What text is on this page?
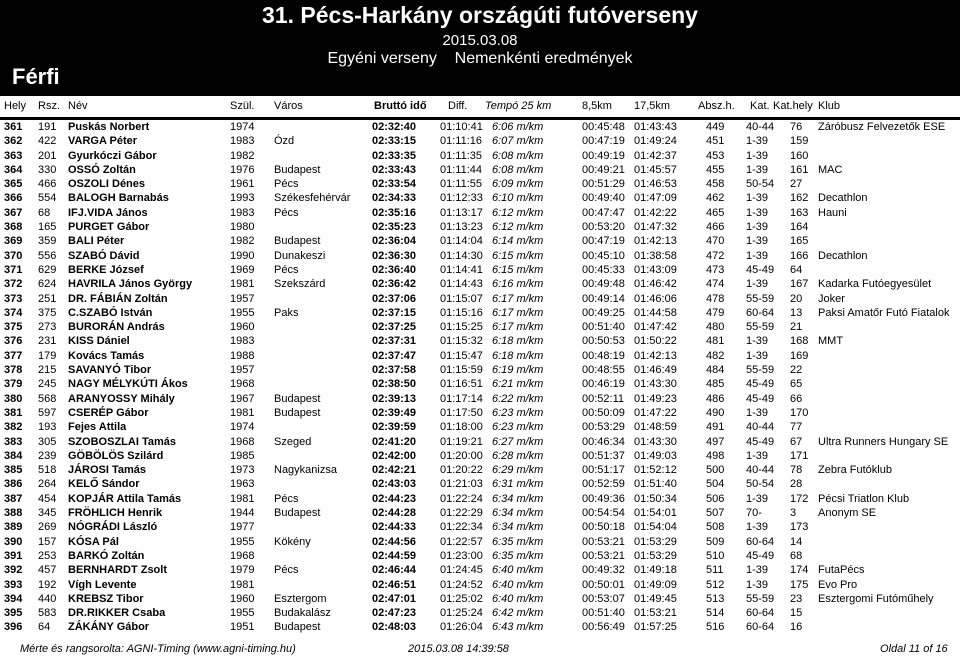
31. Pécs-Harkány országúti futóverseny
2015.03.08
Egyéni verseny Nemenkénti eredmények
Férfi
Hely Rsz. Név	Szül. Város	Bruttó idő Diff. Tempó 25 km	8,5km 17,5km	Absz.h. Kat. Kat.hely Klub
361 191 Puskás Norbert	1974	02:32:40 01:10:41 6:06 m/km	00:45:48 01:43:43	449 40-44 76 Záróbusz Felvezetők ESE
362 422 VARGA Péter	1983 Ózd	02:33:15 01:11:16 6:07 m/km	00:47:19 01:49:24	451 1-39 159
363 201 Gyurkóczi Gábor	1982	02:33:35 01:11:35 6:08 m/km	00:49:19 01:42:37	453 1-39 160
364 330 OSSÓ Zoltán	1976 Budapest	02:33:43 01:11:44 6:08 m/km	00:49:21 01:45:57	455 1-39 161 MAC
365 466 OSZOLI Dénes	1961 Pécs	02:33:54 01:11:55 6:09 m/km	00:51:29 01:46:53	458 50-54 27
366 554 BALOGH Barnabás	1993 Székesfehérvár 02:34:33 01:12:33 6:10 m/km	00:49:40 01:47:09	462 1-39 162 Decathlon
367 68 IFJ.VIDA János	1983 Pécs	02:35:16 01:13:17 6:12 m/km	00:47:47 01:42:22	465 1-39 163 Hauni
368 165 PURGET Gábor	1980	02:35:23 01:13:23 6:12 m/km	00:53:20 01:47:32	466 1-39 164
369 359 BALI Péter	1982 Budapest	02:36:04 01:14:04 6:14 m/km	00:47:19 01:42:13	470 1-39 165
370 556 SZABÓ Dávid	1990 Dunakeszi	02:36:30 01:14:30 6:15 m/km	00:45:10 01:38:58	472 1-39 166 Decathlon
371 629 BERKE József	1969 Pécs	02:36:40 01:14:41 6:15 m/km	00:45:33 01:43:09	473 45-49 64
372 624 HAVRILA János György	1981 Szekszárd	02:36:42 01:14:43 6:16 m/km	00:49:48 01:46:42	474 1-39 167 Kadarka Futóegyesület
373 251 DR. FÁBIÁN Zoltán	1957	02:37:06 01:15:07 6:17 m/km	00:49:14 01:46:06	478 55-59 20 Joker
374 375 C.SZABÓ István	1955 Paks	02:37:15 01:15:16 6:17 m/km	00:49:25 01:44:58	479 60-64 13 Paksi Amatőr Futó Fiatalok
375 273 BURORÁN András	1960	02:37:25 01:15:25 6:17 m/km	00:51:40 01:47:42	480 55-59 21
376 231 KISS Dániel	1983	02:37:31 01:15:32 6:18 m/km	00:50:53 01:50:22	481 1-39 168 MMT
377 179 Kovács Tamás	1988	02:37:47 01:15:47 6:18 m/km	00:48:19 01:42:13	482 1-39 169
378 215 SAVANYÓ Tibor	1957	02:37:58 01:15:59 6:19 m/km	00:48:55 01:46:49	484 55-59 22
379 245 NAGY MÉLYKÚTI Ákos	1968	02:38:50 01:16:51 6:21 m/km	00:46:19 01:43:30	485 45-49 65
380 568 ARANYOSSY Mihály	1967 Budapest	02:39:13 01:17:14 6:22 m/km	00:52:11 01:49:23	486 45-49 66
381 597 CSERÉP Gábor	1981 Budapest	02:39:49 01:17:50 6:23 m/km	00:50:09 01:47:22	490 1-39 170
382 193 Fejes Attila	1974	02:39:59 01:18:00 6:23 m/km	00:53:29 01:48:59	491 40-44 77
383 305 SZOBOSZLAI Tamás	1968 Szeged	02:41:20 01:19:21 6:27 m/km	00:46:34 01:43:30	497 45-49 67 Ultra Runners Hungary SE
384 239 GÖBÖLÖS Szilárd	1985	02:42:00 01:20:00 6:28 m/km	00:51:37 01:49:03	498 1-39 171
385 518 JÁROSI Tamás	1973 Nagykanizsa	02:42:21 01:20:22 6:29 m/km	00:51:17 01:52:12	500 40-44 78 Zebra Futóklub
386 264 KELŐ Sándor	1963	02:43:03 01:21:03 6:31 m/km	00:52:59 01:51:40	504 50-54 28
387 454 KOPJÁR Attila Tamás	1981 Pécs	02:44:23 01:22:24 6:34 m/km	00:49:36 01:50:34	506 1-39 172 Pécsi Triatlon Klub
388 345 FRÖHLICH Henrik	1944 Budapest	02:44:28 01:22:29 6:34 m/km	00:54:54 01:54:01	507 70-	3 Anonym SE
389 269 NÓGRÁDI László	1977	02:44:33 01:22:34 6:34 m/km	00:50:18 01:54:04	508 1-39 173
390 157 KÓSA Pál	1955 Kökény	02:44:56 01:22:57 6:35 m/km	00:53:21 01:53:29	509 60-64 14
391 253 BARKÓ Zoltán	1968	02:44:59 01:23:00 6:35 m/km	00:53:21 01:53:29	510 45-49 68
392 457 BERNHARDT Zsolt	1979 Pécs	02:46:44 01:24:45 6:40 m/km	00:49:32 01:49:18	511 1-39 174 FutaPécs
393 192 Vígh Levente	1981	02:46:51 01:24:52 6:40 m/km	00:50:01 01:49:09	512 1-39 175 Evo Pro
394 440 KREBSZ Tibor	1960 Esztergom	02:47:01 01:25:02 6:40 m/km	00:53:07 01:49:45	513 55-59 23 Esztergomi Futóműhely
395 583 DR.RIKKER Csaba	1955 Budakalász	02:47:23 01:25:24 6:42 m/km	00:51:40 01:53:21	514 60-64 15
396 64 ZÁKÁNY Gábor	1951 Budapest	02:48:03 01:26:04 6:43 m/km	00:56:49 01:57:25	516 60-64 16
Mérte és rangsorolta: AGNI-Timing (www.agni-timing.hu)	2015.03.08 14:39:58	Oldal 11 of 16
